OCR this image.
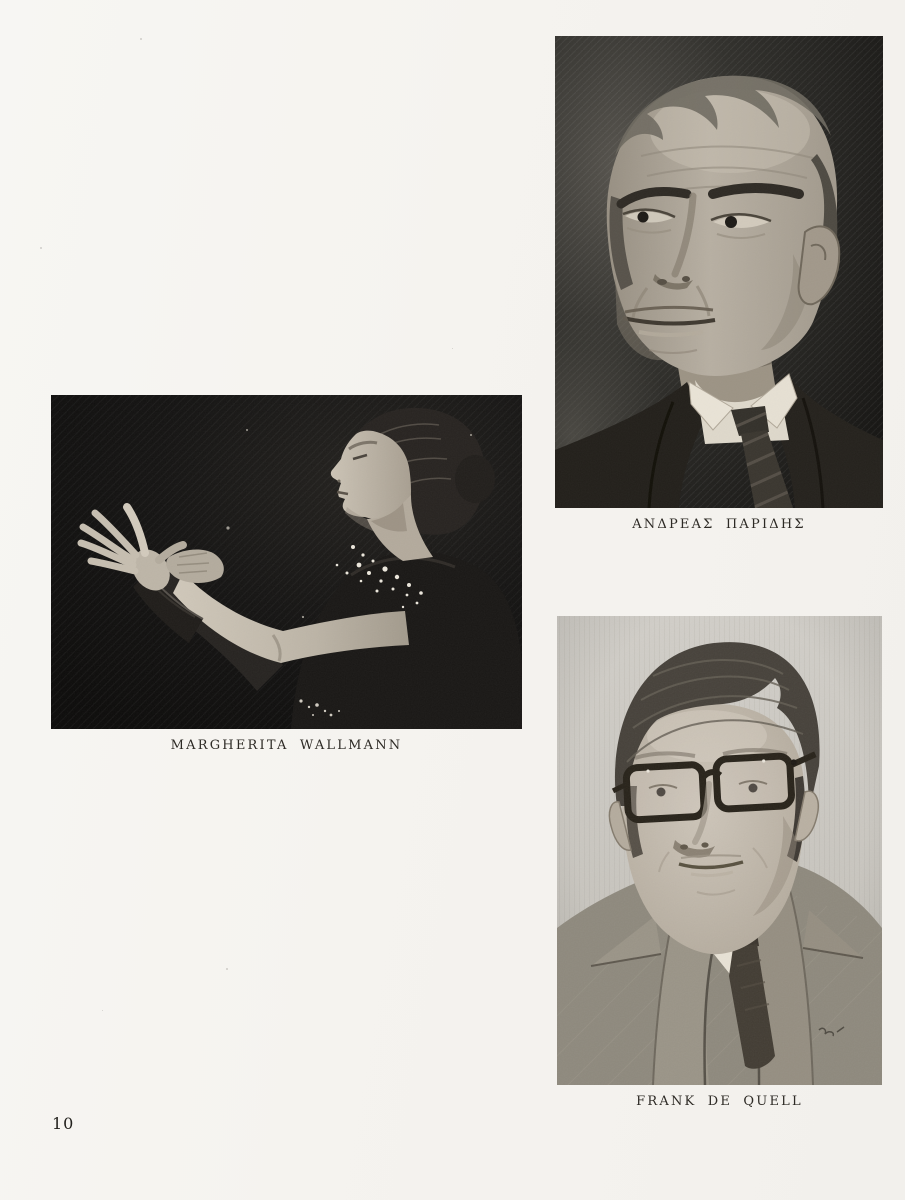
ΑΝΔΡΕΑΣ ΠΑΡΙΔΗΣ
MARGHERITA WALLMANN
FRANK DE QUELL
10
